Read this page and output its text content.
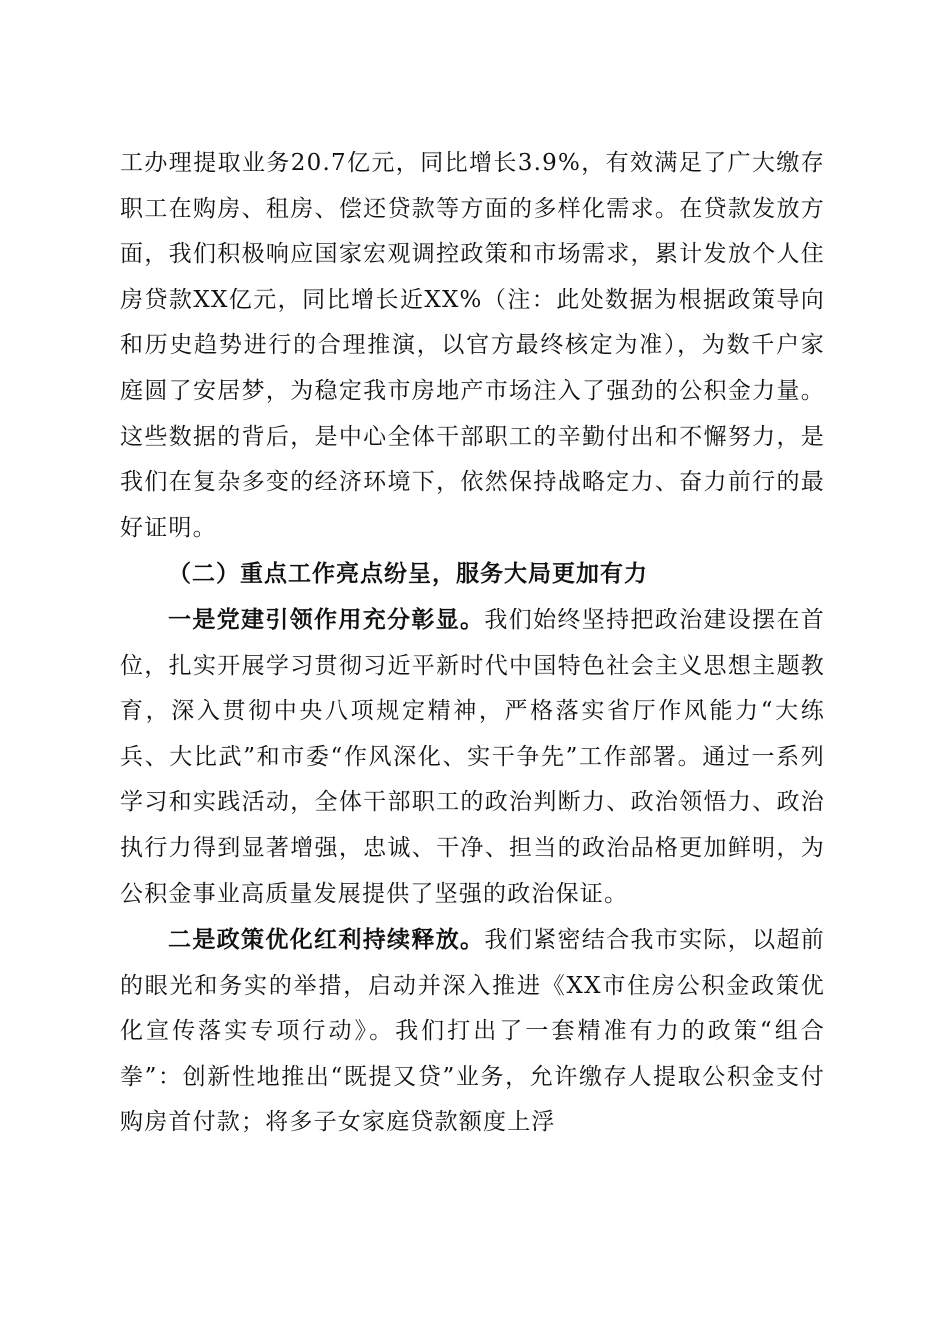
工办理提取业务20.7亿元，同比增长3.9%，有效满足了广大缴存职工在购房、租房、偿还贷款等方面的多样化需求。在贷款发放方面，我们积极响应国家宏观调控政策和市场需求，累计发放个人住房贷款XX亿元，同比增长近XX%（注：此处数据为根据政策导向和历史趋势进行的合理推演，以官方最终核定为准），为数千户家庭圆了安居梦，为稳定我市房地产市场注入了强劲的公积金力量。这些数据的背后，是中心全体干部职工的辛勤付出和不懈努力，是我们在复杂多变的经济环境下，依然保持战略定力、奋力前行的最好证明。

（二）重点工作亮点纷呈，服务大局更加有力

一是党建引领作用充分彰显。我们始终坚持把政治建设摆在首位，扎实开展学习贯彻习近平新时代中国特色社会主义思想主题教育，深入贯彻中央八项规定精神，严格落实省厅作风能力“大练兵、大比武”和市委“作风深化、实干争先”工作部署。通过一系列学习和实践活动，全体干部职工的政治判断力、政治领悟力、政治执行力得到显著增强，忠诚、干净、担当的政治品格更加鲜明，为公积金事业高质量发展提供了坚强的政治保证。

二是政策优化红利持续释放。我们紧密结合我市实际，以超前的眼光和务实的举措，启动并深入推进《XX市住房公积金政策优化宣传落实专项行动》。我们打出了一套精准有力的政策“组合拳”：创新性地推出“既提又贷”业务，允许缴存人提取公积金支付购房首付款；将多子女家庭贷款额度上浮
